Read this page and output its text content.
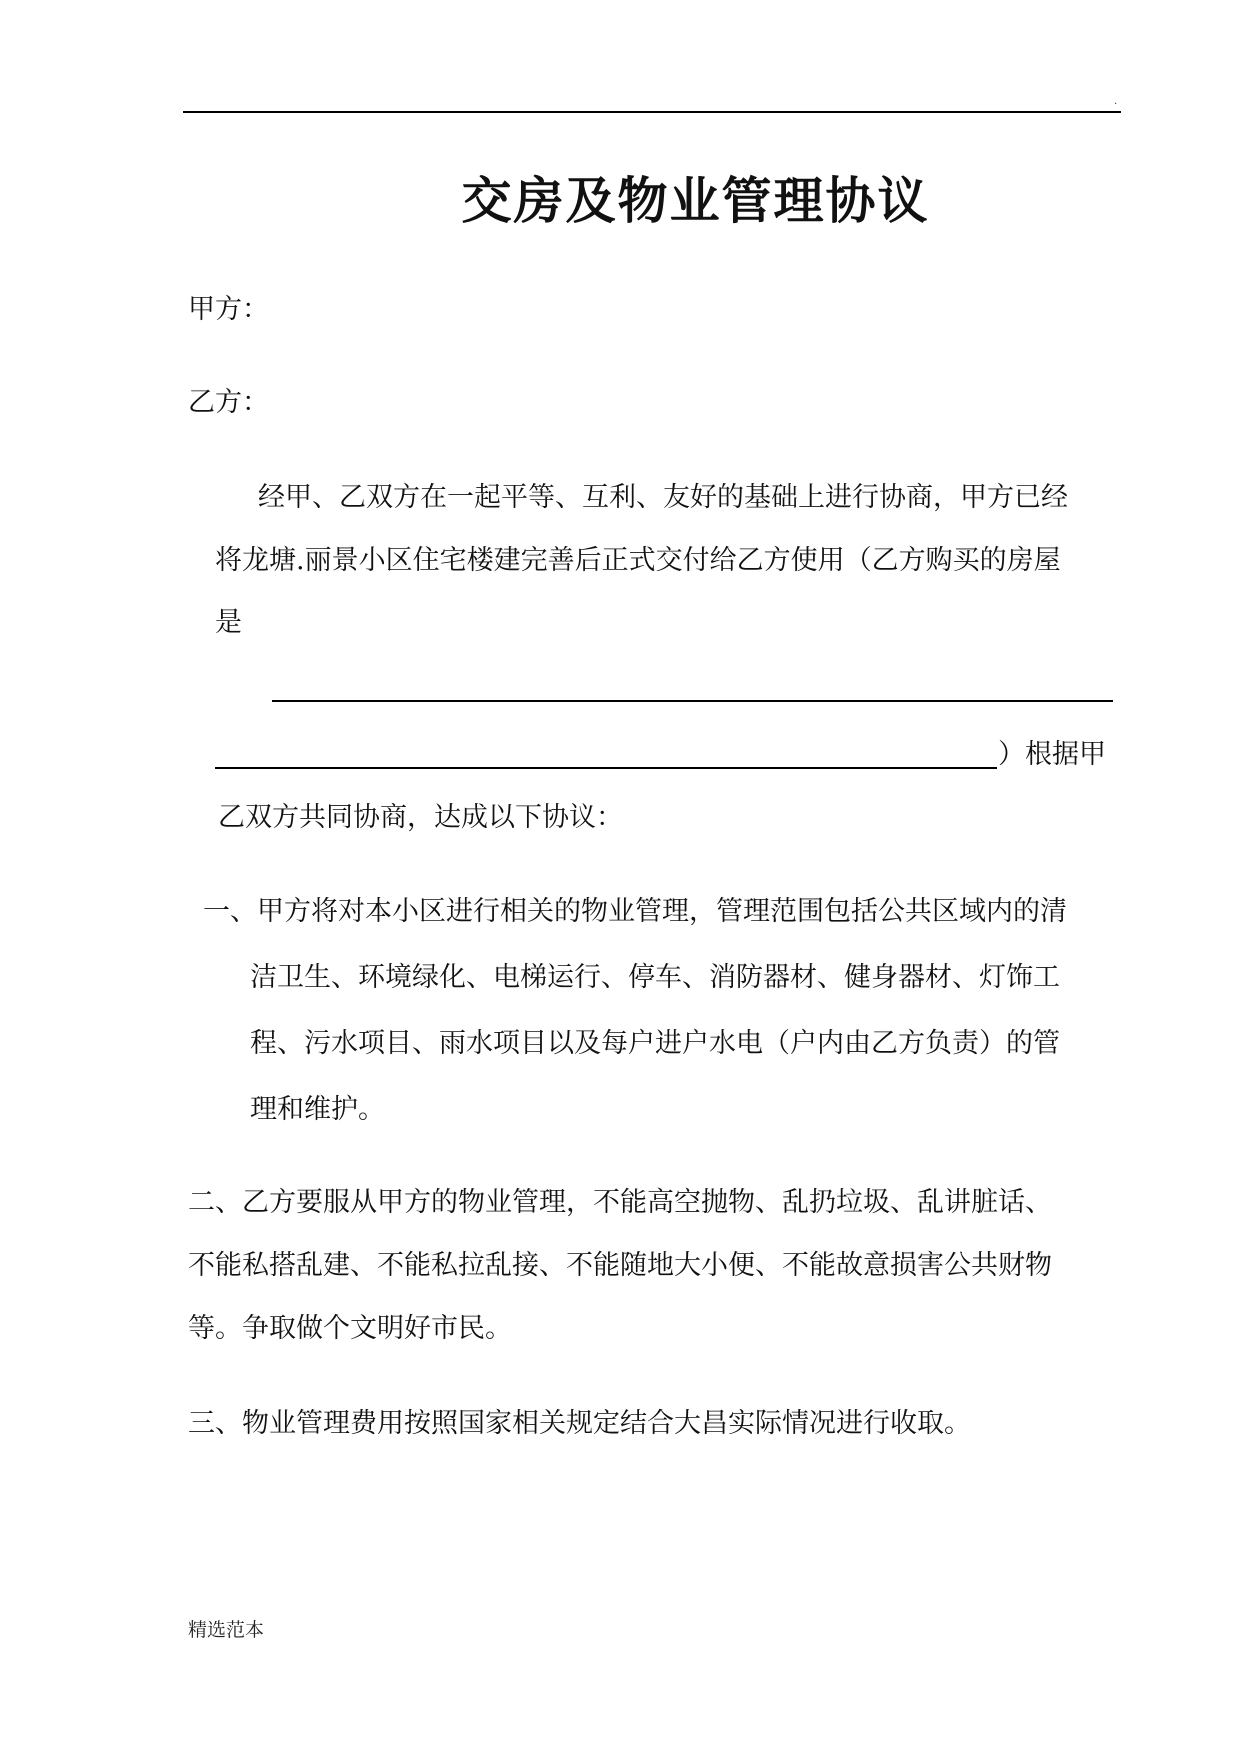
.
交房及物业管理协议
甲方：
乙方：
经甲、乙双方在一起平等、互利、友好的基础上进行协商，甲方已经
将龙塘.丽景小区住宅楼建完善后正式交付给乙方使用（乙方购买的房屋
是
）根据甲
乙双方共同协商，达成以下协议：
一、甲方将对本小区进行相关的物业管理，管理范围包括公共区域内的清
洁卫生、环境绿化、电梯运行、停车、消防器材、健身器材、灯饰工
程、污水项目、雨水项目以及每户进户水电（户内由乙方负责）的管
理和维护。
二、乙方要服从甲方的物业管理，不能高空抛物、乱扔垃圾、乱讲脏话、
不能私搭乱建、不能私拉乱接、不能随地大小便、不能故意损害公共财物
等。争取做个文明好市民。
三、物业管理费用按照国家相关规定结合大昌实际情况进行收取。
精选范本
